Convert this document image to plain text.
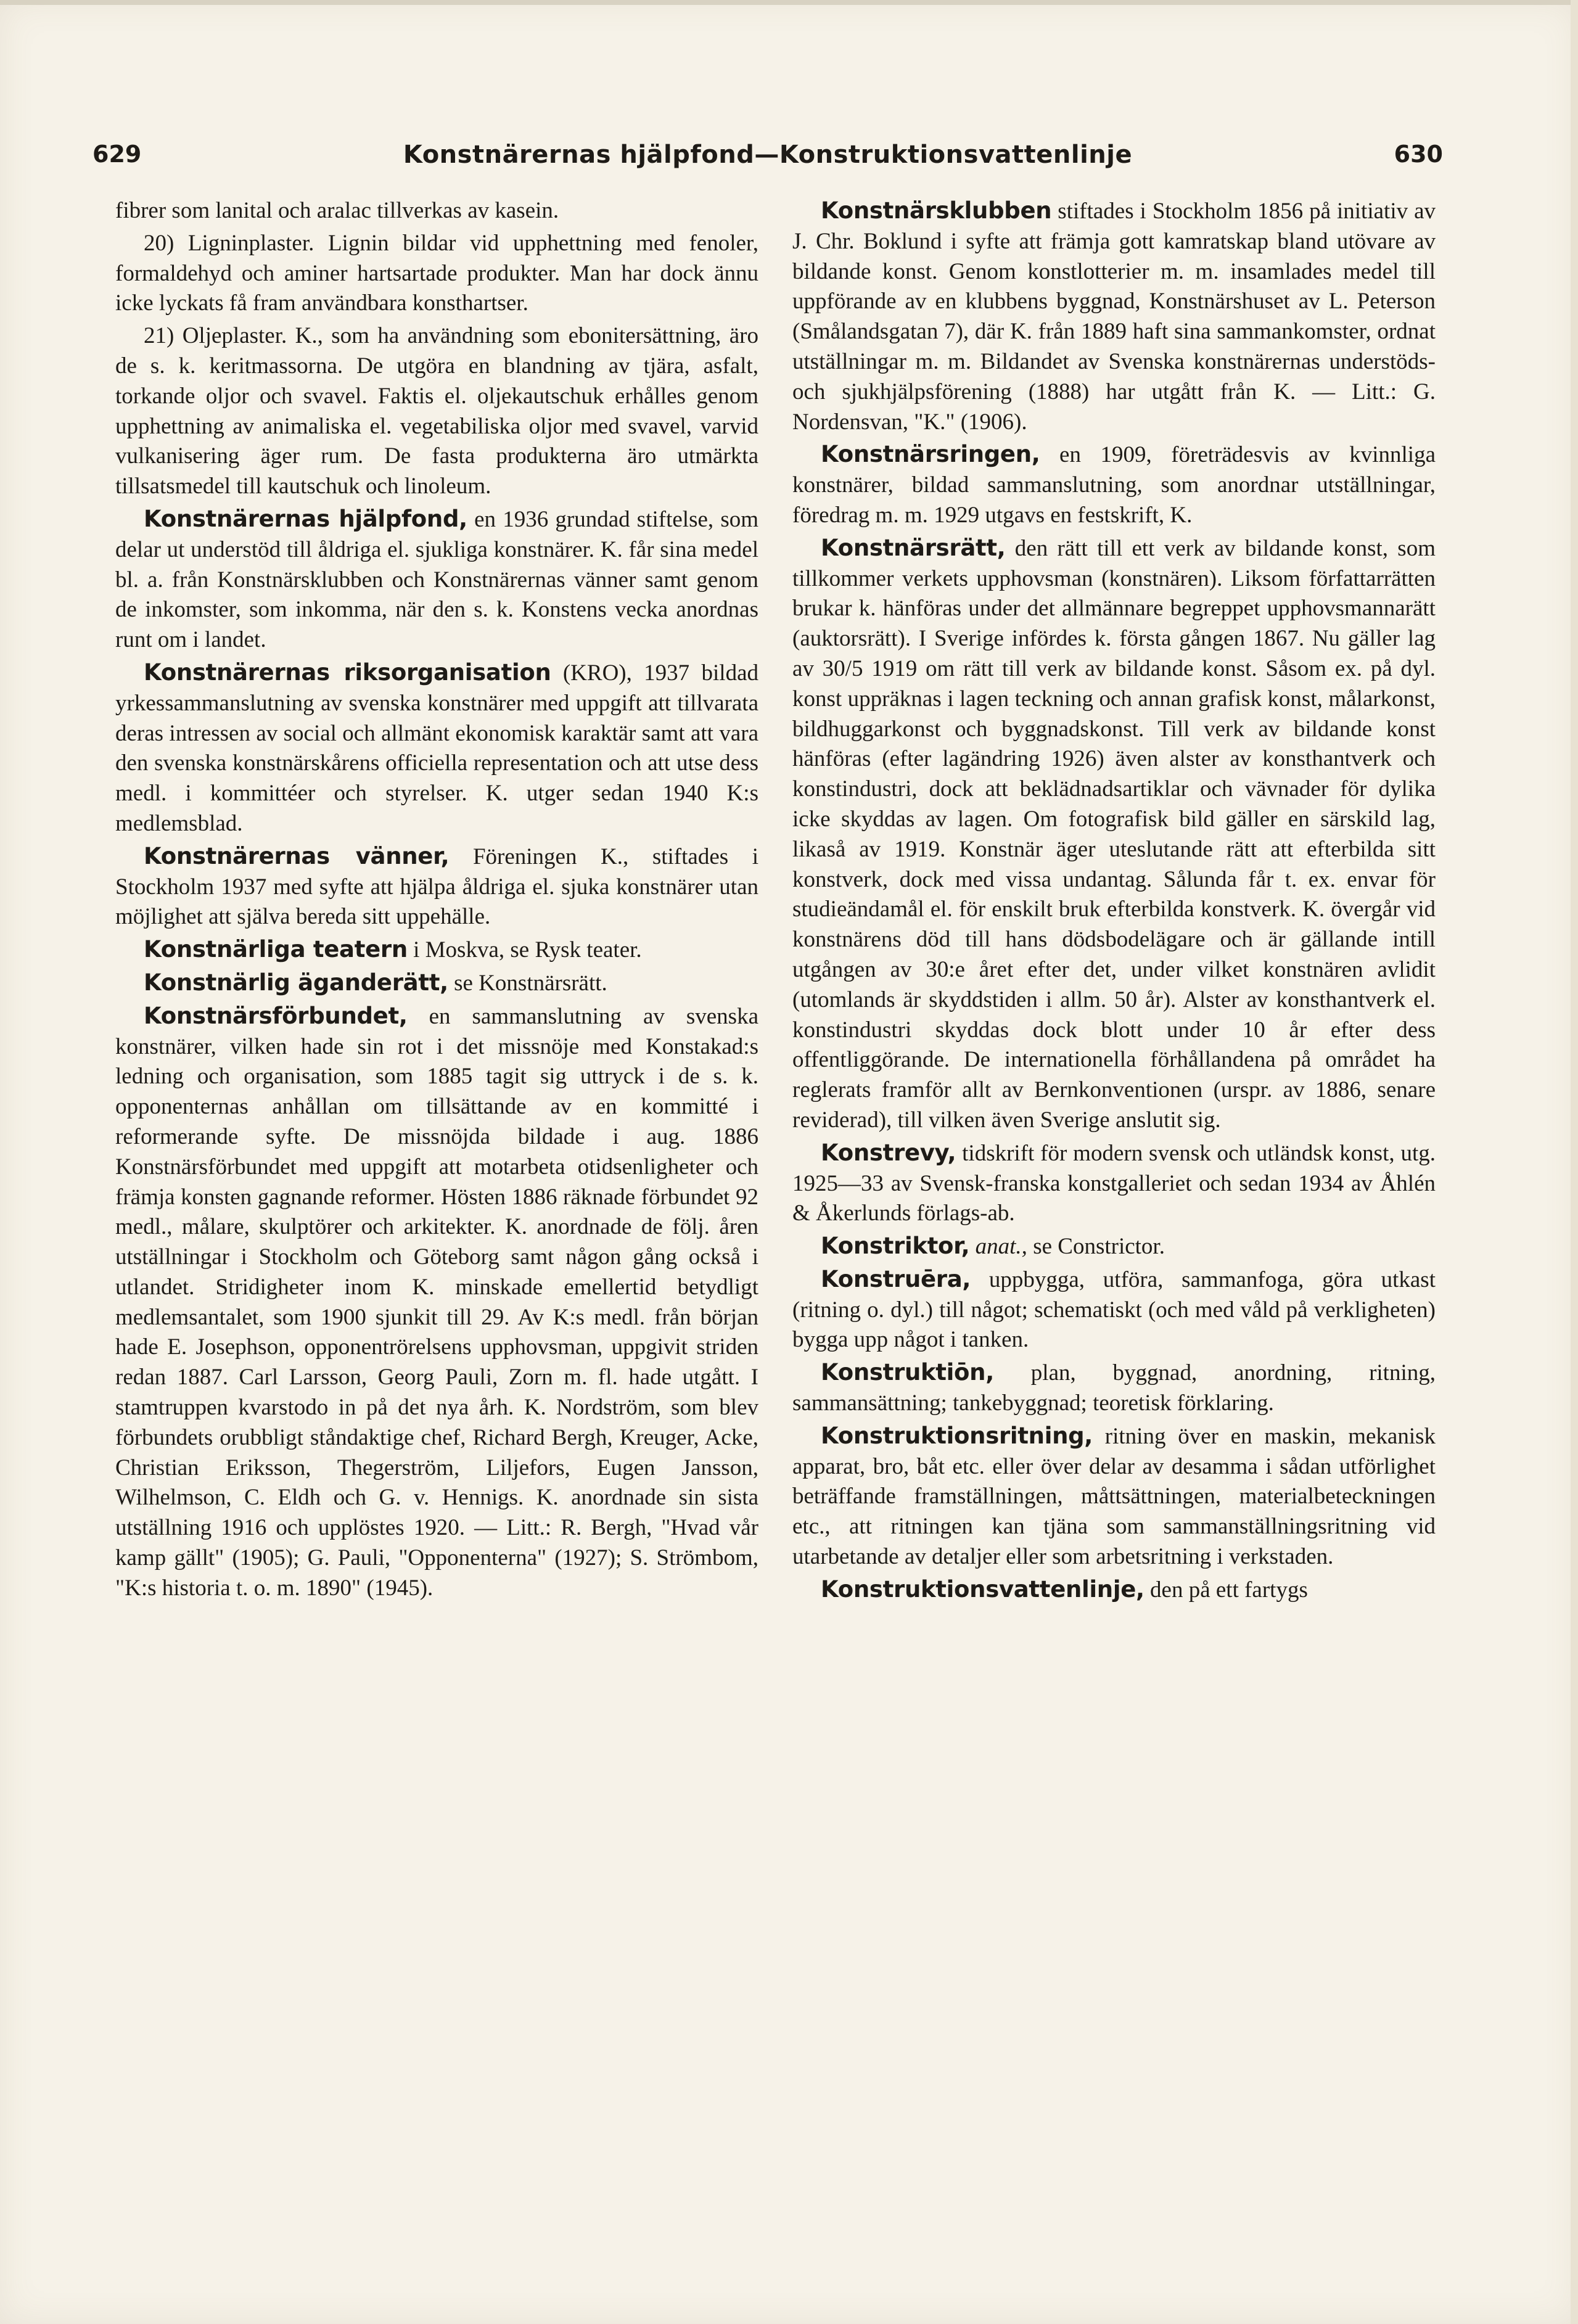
629	Konstnärernas hjälpfond—Konstruktionsvattenlinje	630

fibrer som lanital och aralac tillverkas av kasein.

20) Ligninplaster. Lignin bildar vid upphettning med fenoler, formaldehyd och aminer hartsartade produkter. Man har dock ännu icke lyckats få fram användbara konsthartser.

21) Oljeplaster. K., som ha användning som ebonitersättning, äro de s. k. keritmassorna. De utgöra en blandning av tjära, asfalt, torkande oljor och svavel. Faktis el. oljekautschuk erhålles genom upphettning av animaliska el. vegetabiliska oljor med svavel, varvid vulkanisering äger rum. De fasta produkterna äro utmärkta tillsatsmedel till kautschuk och linoleum.

Konstnärernas hjälpfond, en 1936 grundad stiftelse, som delar ut understöd till åldriga el. sjukliga konstnärer. K. får sina medel bl. a. från Konstnärsklubben och Konstnärernas vänner samt genom de inkomster, som inkomma, när den s. k. Konstens vecka anordnas runt om i landet.

Konstnärernas riksorganisation (KRO), 1937 bildad yrkessammanslutning av svenska konstnärer med uppgift att tillvarata deras intressen av social och allmänt ekonomisk karaktär samt att vara den svenska konstnärskårens officiella representation och att utse dess medl. i kommittéer och styrelser. K. utger sedan 1940 K:s medlemsblad.

Konstnärernas vänner, Föreningen K., stiftades i Stockholm 1937 med syfte att hjälpa åldriga el. sjuka konstnärer utan möjlighet att själva bereda sitt uppehälle.

Konstnärliga teatern i Moskva, se Rysk teater.

Konstnärlig äganderätt, se Konstnärsrätt.

Konstnärsförbundet, en sammanslutning av svenska konstnärer, vilken hade sin rot i det missnöje med Konstakad:s ledning och organisation, som 1885 tagit sig uttryck i de s. k. opponenternas anhållan om tillsättande av en kommitté i reformerande syfte. De missnöjda bildade i aug. 1886 Konstnärsförbundet med uppgift att motarbeta otidsenligheter och främja konsten gagnande reformer. Hösten 1886 räknade förbundet 92 medl., målare, skulptörer och arkitekter. K. anordnade de följ. åren utställningar i Stockholm och Göteborg samt någon gång också i utlandet. Stridigheter inom K. minskade emellertid betydligt medlemsantalet, som 1900 sjunkit till 29. Av K:s medl. från början hade E. Josephson, opponentrörelsens upphovsman, uppgivit striden redan 1887. Carl Larsson, Georg Pauli, Zorn m. fl. hade utgått. I stamtruppen kvarstodo in på det nya årh. K. Nordström, som blev förbundets orubbligt ståndaktige chef, Richard Bergh, Kreuger, Acke, Christian Eriksson, Thegerström, Liljefors, Eugen Jansson, Wilhelmson, C. Eldh och G. v. Hennigs. K. anordnade sin sista utställning 1916 och upplöstes 1920. — Litt.: R. Bergh, "Hvad vår kamp gällt" (1905); G. Pauli, "Opponenterna" (1927); S. Strömbom, "K:s historia t. o. m. 1890" (1945).

Konstnärsklubben stiftades i Stockholm 1856 på initiativ av J. Chr. Boklund i syfte att främja gott kamratskap bland utövare av bildande konst. Genom konstlotterier m. m. insamlades medel till uppförande av en klubbens byggnad, Konstnärshuset av L. Peterson (Smålandsgatan 7), där K. från 1889 haft sina sammankomster, ordnat utställningar m. m. Bildandet av Svenska konstnärernas understöds- och sjukhjälpsförening (1888) har utgått från K. — Litt.: G. Nordensvan, "K." (1906).

Konstnärsringen, en 1909, företrädesvis av kvinnliga konstnärer, bildad sammanslutning, som anordnar utställningar, föredrag m. m. 1929 utgavs en festskrift, K.

Konstnärsrätt, den rätt till ett verk av bildande konst, som tillkommer verkets upphovsman (konstnären). Liksom författarrätten brukar k. hänföras under det allmännare begreppet upphovsmannarätt (auktorsrätt). I Sverige infördes k. första gången 1867. Nu gäller lag av 30/5 1919 om rätt till verk av bildande konst. Såsom ex. på dyl. konst uppräknas i lagen teckning och annan grafisk konst, målarkonst, bildhuggarkonst och byggnadskonst. Till verk av bildande konst hänföras (efter lagändring 1926) även alster av konsthantverk och konstindustri, dock att beklädnadsartiklar och vävnader för dylika icke skyddas av lagen. Om fotografisk bild gäller en särskild lag, likaså av 1919. Konstnär äger uteslutande rätt att efterbilda sitt konstverk, dock med vissa undantag. Sålunda får t. ex. envar för studieändamål el. för enskilt bruk efterbilda konstverk. K. övergår vid konstnärens död till hans dödsbodelägare och är gällande intill utgången av 30:e året efter det, under vilket konstnären avlidit (utomlands är skyddstiden i allm. 50 år). Alster av konsthantverk el. konstindustri skyddas dock blott under 10 år efter dess offentliggörande. De internationella förhållandena på området ha reglerats framför allt av Bernkonventionen (urspr. av 1886, senare reviderad), till vilken även Sverige anslutit sig.

Konstrevy, tidskrift för modern svensk och utländsk konst, utg. 1925—33 av Svensk-franska konstgalleriet och sedan 1934 av Åhlén & Åkerlunds förlags-ab.

Konstriktor, anat., se Constrictor.

Konstruēra, uppbygga, utföra, sammanfoga, göra utkast (ritning o. dyl.) till något; schematiskt (och med våld på verkligheten) bygga upp något i tanken.

Konstruktiōn, plan, byggnad, anordning, ritning, sammansättning; tankebyggnad; teoretisk förklaring.

Konstruktionsritning, ritning över en maskin, mekanisk apparat, bro, båt etc. eller över delar av desamma i sådan utförlighet beträffande framställningen, måttsättningen, materialbeteckningen etc., att ritningen kan tjäna som sammanställningsritning vid utarbetande av detaljer eller som arbetsritning i verkstaden.

Konstruktionsvattenlinje, den på ett fartygs
